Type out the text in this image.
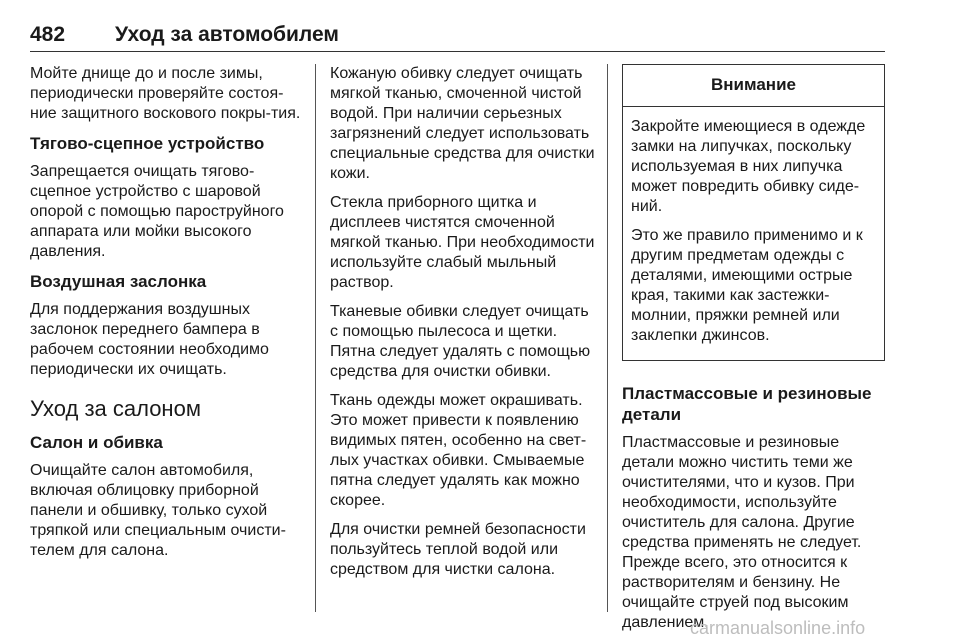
482 Уход за автомобилем

Мойте днище до и после зимы, периодически проверяйте состоя-ние защитного воскового покры-тия.

Тягово-сцепное устройство

Запрещается очищать тягово-сцепное устройство с шаровой опорой с помощью пароструйного аппарата или мойки высокого давления.

Воздушная заслонка

Для поддержания воздушных заслонок переднего бампера в рабочем состоянии необходимо периодически их очищать.

Уход за салоном
Салон и обивка

Очищайте салон автомобиля, включая облицовку приборной панели и обшивку, только сухой тряпкой или специальным очисти-телем для салона.

Кожаную обивку следует очищать мягкой тканью, смоченной чистой водой. При наличии серьезных загрязнений следует использовать специальные средства для очистки кожи.

Стекла приборного щитка и дисплеев чистятся смоченной мягкой тканью. При необходимости используйте слабый мыльный раствор.

Тканевые обивки следует очищать с помощью пылесоса и щетки. Пятна следует удалять с помощью средства для очистки обивки.

Ткань одежды может окрашивать. Это может привести к появлению видимых пятен, особенно на свет-лых участках обивки. Смываемые пятна следует удалять как можно скорее.

Для очистки ремней безопасности пользуйтесь теплой водой или средством для чистки салона.

Внимание

Закройте имеющиеся в одежде замки на липучках, поскольку используемая в них липучка может повредить обивку сиде-ний.

Это же правило применимо и к другим предметам одежды с деталями, имеющими острые края, такими как застежки-молнии, пряжки ремней или заклепки джинсов.

Пластмассовые и резиновые детали

Пластмассовые и резиновые детали можно чистить теми же очистителями, что и кузов. При необходимости, используйте очиститель для салона. Другие средства применять не следует. Прежде всего, это относится к растворителям и бензину. Не очищайте струей под высоким давлением.

carmanualsonline.info
